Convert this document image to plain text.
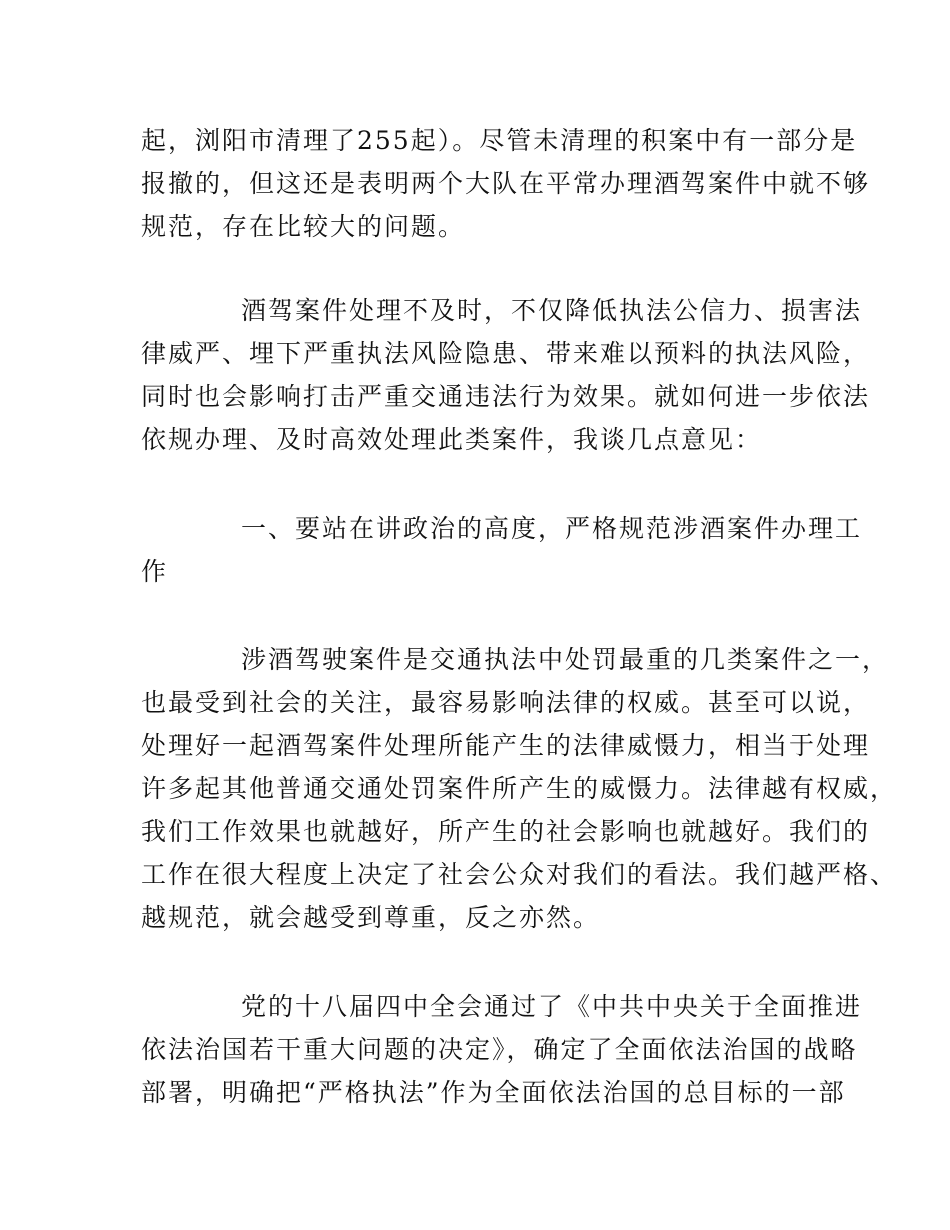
起，浏阳市清理了255起）。尽管未清理的积案中有一部分是
报撤的，但这还是表明两个大队在平常办理酒驾案件中就不够
规范，存在比较大的问题。

酒驾案件处理不及时，不仅降低执法公信力、损害法
律威严、埋下严重执法风险隐患、带来难以预料的执法风险，
同时也会影响打击严重交通违法行为效果。就如何进一步依法
依规办理、及时高效处理此类案件，我谈几点意见：

一、要站在讲政治的高度，严格规范涉酒案件办理工
作

涉酒驾驶案件是交通执法中处罚最重的几类案件之一，
也最受到社会的关注，最容易影响法律的权威。甚至可以说，
处理好一起酒驾案件处理所能产生的法律威慑力，相当于处理
许多起其他普通交通处罚案件所产生的威慑力。法律越有权威，
我们工作效果也就越好，所产生的社会影响也就越好。我们的
工作在很大程度上决定了社会公众对我们的看法。我们越严格、
越规范，就会越受到尊重，反之亦然。

党的十八届四中全会通过了《中共中央关于全面推进
依法治国若干重大问题的决定》，确定了全面依法治国的战略
部署，明确把“严格执法”作为全面依法治国的总目标的一部
